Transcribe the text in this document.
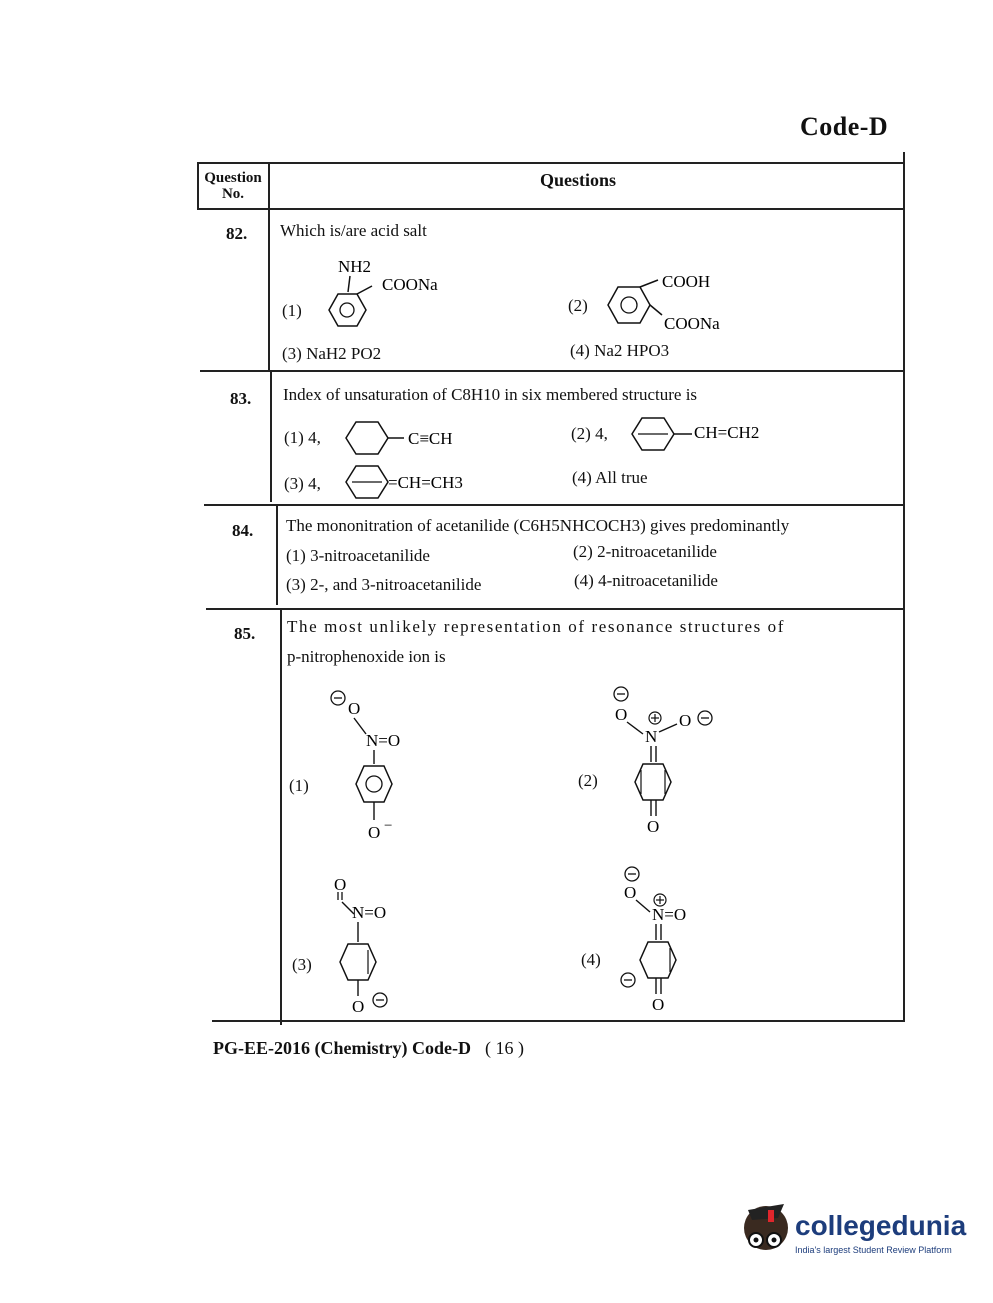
Code-D
Question No.
Questions
82. Which is/are acid salt
(1)
NH2
COONa
(2)
COOH
COONa
(3) NaH2 PO2	(4) Na2 HPO3
83. Index of unsaturation of C8H10 in six membered structure is
(1) 4,	C≡CH	(2) 4,	CH=CH2
(3) 4,	=CH=CH3	(4) All true
84. The mononitration of acetanilide (C6H5NHCOCH3) gives predominantly
(1) 3-nitroacetanilide	(2) 2-nitroacetanilide
(3) 2-, and 3-nitroacetanilide	(4) 4-nitroacetanilide
85. The most unlikely representation of resonance structures of
p-nitrophenoxide ion is
(1)
O
N=O
O −
(2)
O
N
O
O
(3)
O
N=O
O
(4)
O
N=O
O
PG-EE-2016 (Chemistry) Code-D ( 16 )
collegedunia
India's largest Student Review Platform
